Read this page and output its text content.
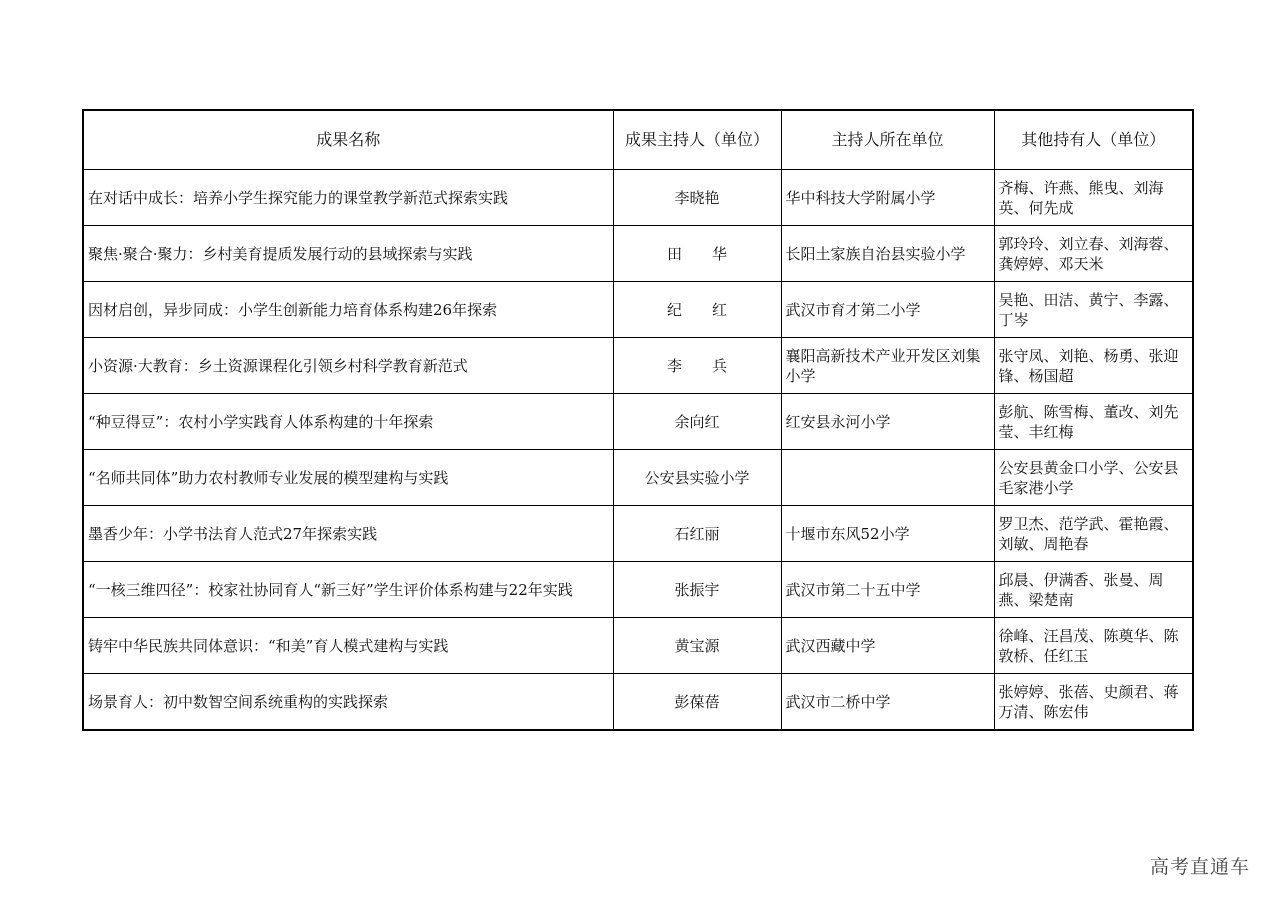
成果名称	成果主持人（单位）	主持人所在单位	其他持有人（单位）
在对话中成长：培养小学生探究能力的课堂教学新范式探索实践	李晓艳	华中科技大学附属小学	齐梅、许燕、熊曳、刘海英、何先成
聚焦·聚合·聚力：乡村美育提质发展行动的县域探索与实践	田　　华	长阳土家族自治县实验小学	郭玲玲、刘立春、刘海蓉、龚婷婷、邓天米
因材启创，异步同成：小学生创新能力培育体系构建26年探索	纪　　红	武汉市育才第二小学	吴艳、田洁、黄宁、李露、丁岑
小资源·大教育：乡土资源课程化引领乡村科学教育新范式	李　　兵	襄阳高新技术产业开发区刘集小学	张守凤、刘艳、杨勇、张迎锋、杨国超
“种豆得豆”：农村小学实践育人体系构建的十年探索	余向红	红安县永河小学	彭航、陈雪梅、董改、刘先莹、丰红梅
“名师共同体”助力农村教师专业发展的模型建构与实践	公安县实验小学		公安县黄金口小学、公安县毛家港小学
墨香少年：小学书法育人范式27年探索实践	石红丽	十堰市东风52小学	罗卫杰、范学武、霍艳霞、刘敏、周艳春
“一核三维四径”：校家社协同育人“新三好”学生评价体系构建与22年实践	张振宇	武汉市第二十五中学	邱晨、伊满香、张曼、周燕、梁楚南
铸牢中华民族共同体意识：“和美”育人模式建构与实践	黄宝源	武汉西藏中学	徐峰、汪昌茂、陈奠华、陈敦桥、任红玉
场景育人：初中数智空间系统重构的实践探索	彭葆蓓	武汉市二桥中学	张婷婷、张蓓、史颜君、蒋万清、陈宏伟
高考直通车
